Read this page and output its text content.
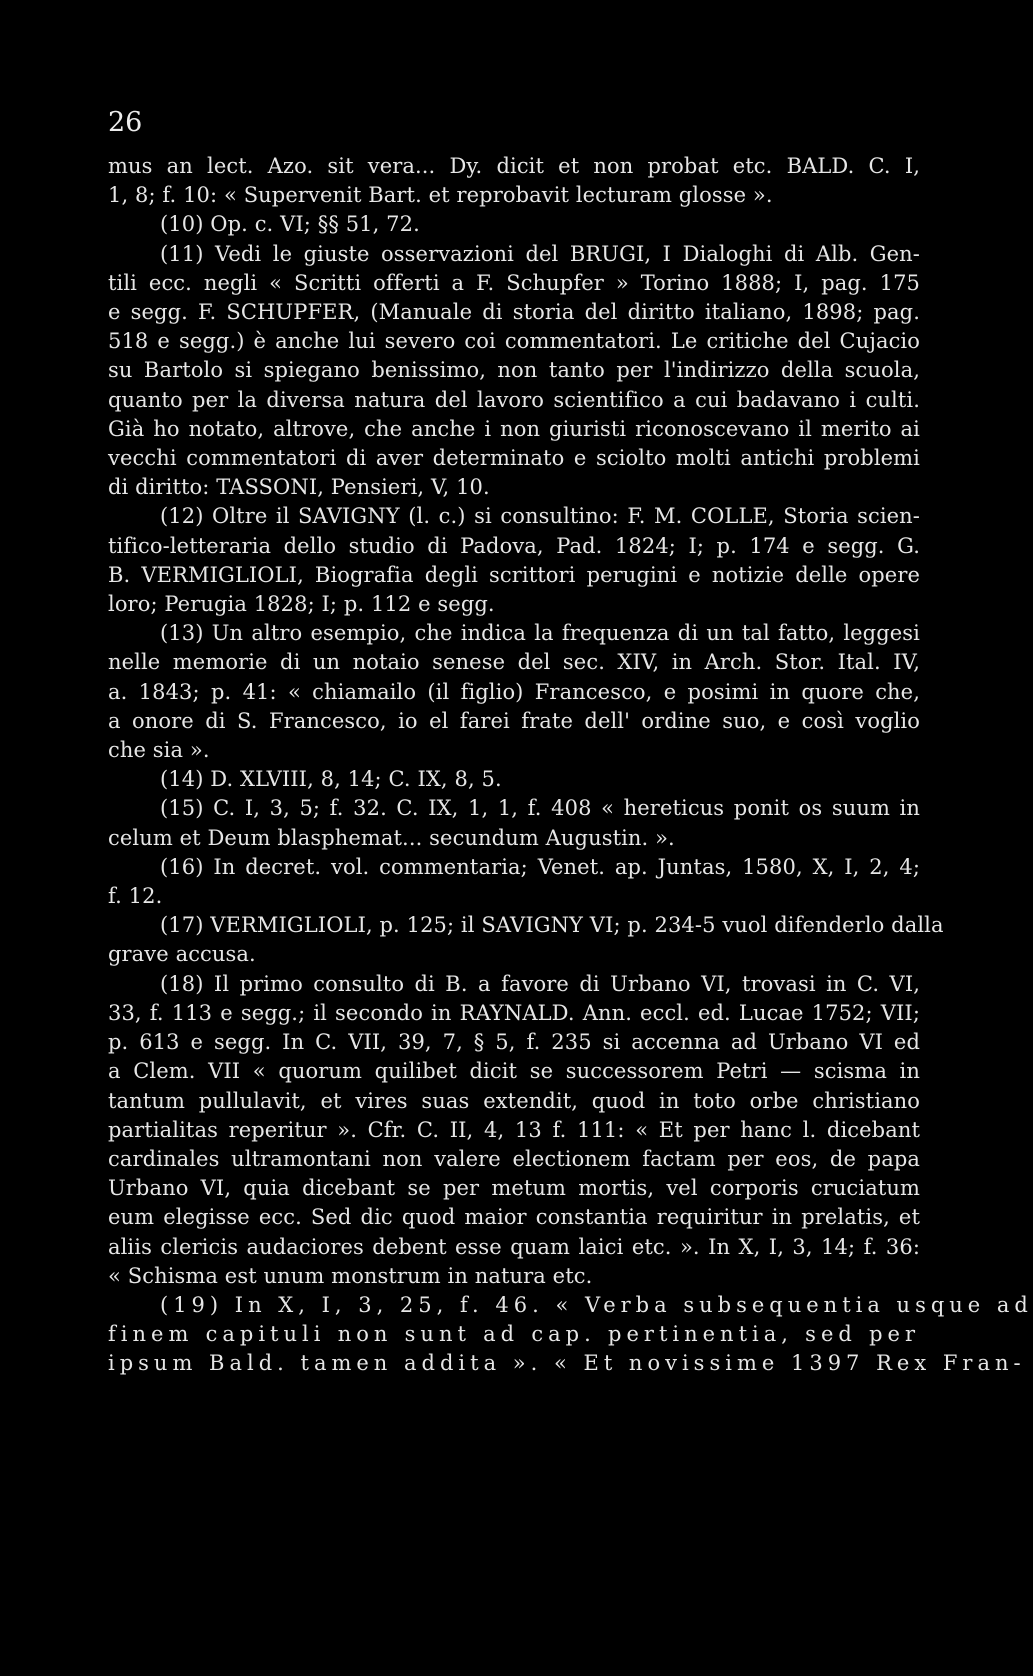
26
mus an lect. Azo. sit vera... Dy. dicit et non probat etc. BALD. C. I,
1, 8; f. 10: « Supervenit Bart. et reprobavit lecturam glosse ».
(10) Op. c. VI; §§ 51, 72.
(11) Vedi le giuste osservazioni del BRUGI, I Dialoghi di Alb. Gen-
tili ecc. negli « Scritti offerti a F. Schupfer » Torino 1888; I, pag. 175
e segg. F. SCHUPFER, (Manuale di storia del diritto italiano, 1898; pag.
518 e segg.) è anche lui severo coi commentatori. Le critiche del Cujacio
su Bartolo si spiegano benissimo, non tanto per l'indirizzo della scuola,
quanto per la diversa natura del lavoro scientifico a cui badavano i culti.
Già ho notato, altrove, che anche i non giuristi riconoscevano il merito ai
vecchi commentatori di aver determinato e sciolto molti antichi problemi
di diritto: TASSONI, Pensieri, V, 10.
(12) Oltre il SAVIGNY (l. c.) si consultino: F. M. COLLE, Storia scien-
tifico-letteraria dello studio di Padova, Pad. 1824; I; p. 174 e segg. G.
B. VERMIGLIOLI, Biografia degli scrittori perugini e notizie delle opere
loro; Perugia 1828; I; p. 112 e segg.
(13) Un altro esempio, che indica la frequenza di un tal fatto, leggesi
nelle memorie di un notaio senese del sec. XIV, in Arch. Stor. Ital. IV,
a. 1843; p. 41: « chiamailo (il figlio) Francesco, e posimi in quore che,
a onore di S. Francesco, io el farei frate dell' ordine suo, e così voglio
che sia ».
(14) D. XLVIII, 8, 14; C. IX, 8, 5.
(15) C. I, 3, 5; f. 32. C. IX, 1, 1, f. 408 « hereticus ponit os suum in
celum et Deum blasphemat... secundum Augustin. ».
(16) In decret. vol. commentaria; Venet. ap. Juntas, 1580, X, I, 2, 4;
f. 12.
(17) VERMIGLIOLI, p. 125; il SAVIGNY VI; p. 234-5 vuol difenderlo dalla
grave accusa.
(18) Il primo consulto di B. a favore di Urbano VI, trovasi in C. VI,
33, f. 113 e segg.; il secondo in RAYNALD. Ann. eccl. ed. Lucae 1752; VII;
p. 613 e segg. In C. VII, 39, 7, § 5, f. 235 si accenna ad Urbano VI ed
a Clem. VII « quorum quilibet dicit se successorem Petri — scisma in
tantum pullulavit, et vires suas extendit, quod in toto orbe christiano
partialitas reperitur ». Cfr. C. II, 4, 13 f. 111: « Et per hanc l. dicebant
cardinales ultramontani non valere electionem factam per eos, de papa
Urbano VI, quia dicebant se per metum mortis, vel corporis cruciatum
eum elegisse ecc. Sed dic quod maior constantia requiritur in prelatis, et
aliis clericis audaciores debent esse quam laici etc. ». In X, I, 3, 14; f. 36:
« Schisma est unum monstrum in natura etc.
(19) In X, I, 3, 25, f. 46. « Verba subsequentia usque ad
finem capituli non sunt ad cap. pertinentia, sed per
ipsum Bald. tamen addita ». « Et novissime 1397 Rex Fran-
